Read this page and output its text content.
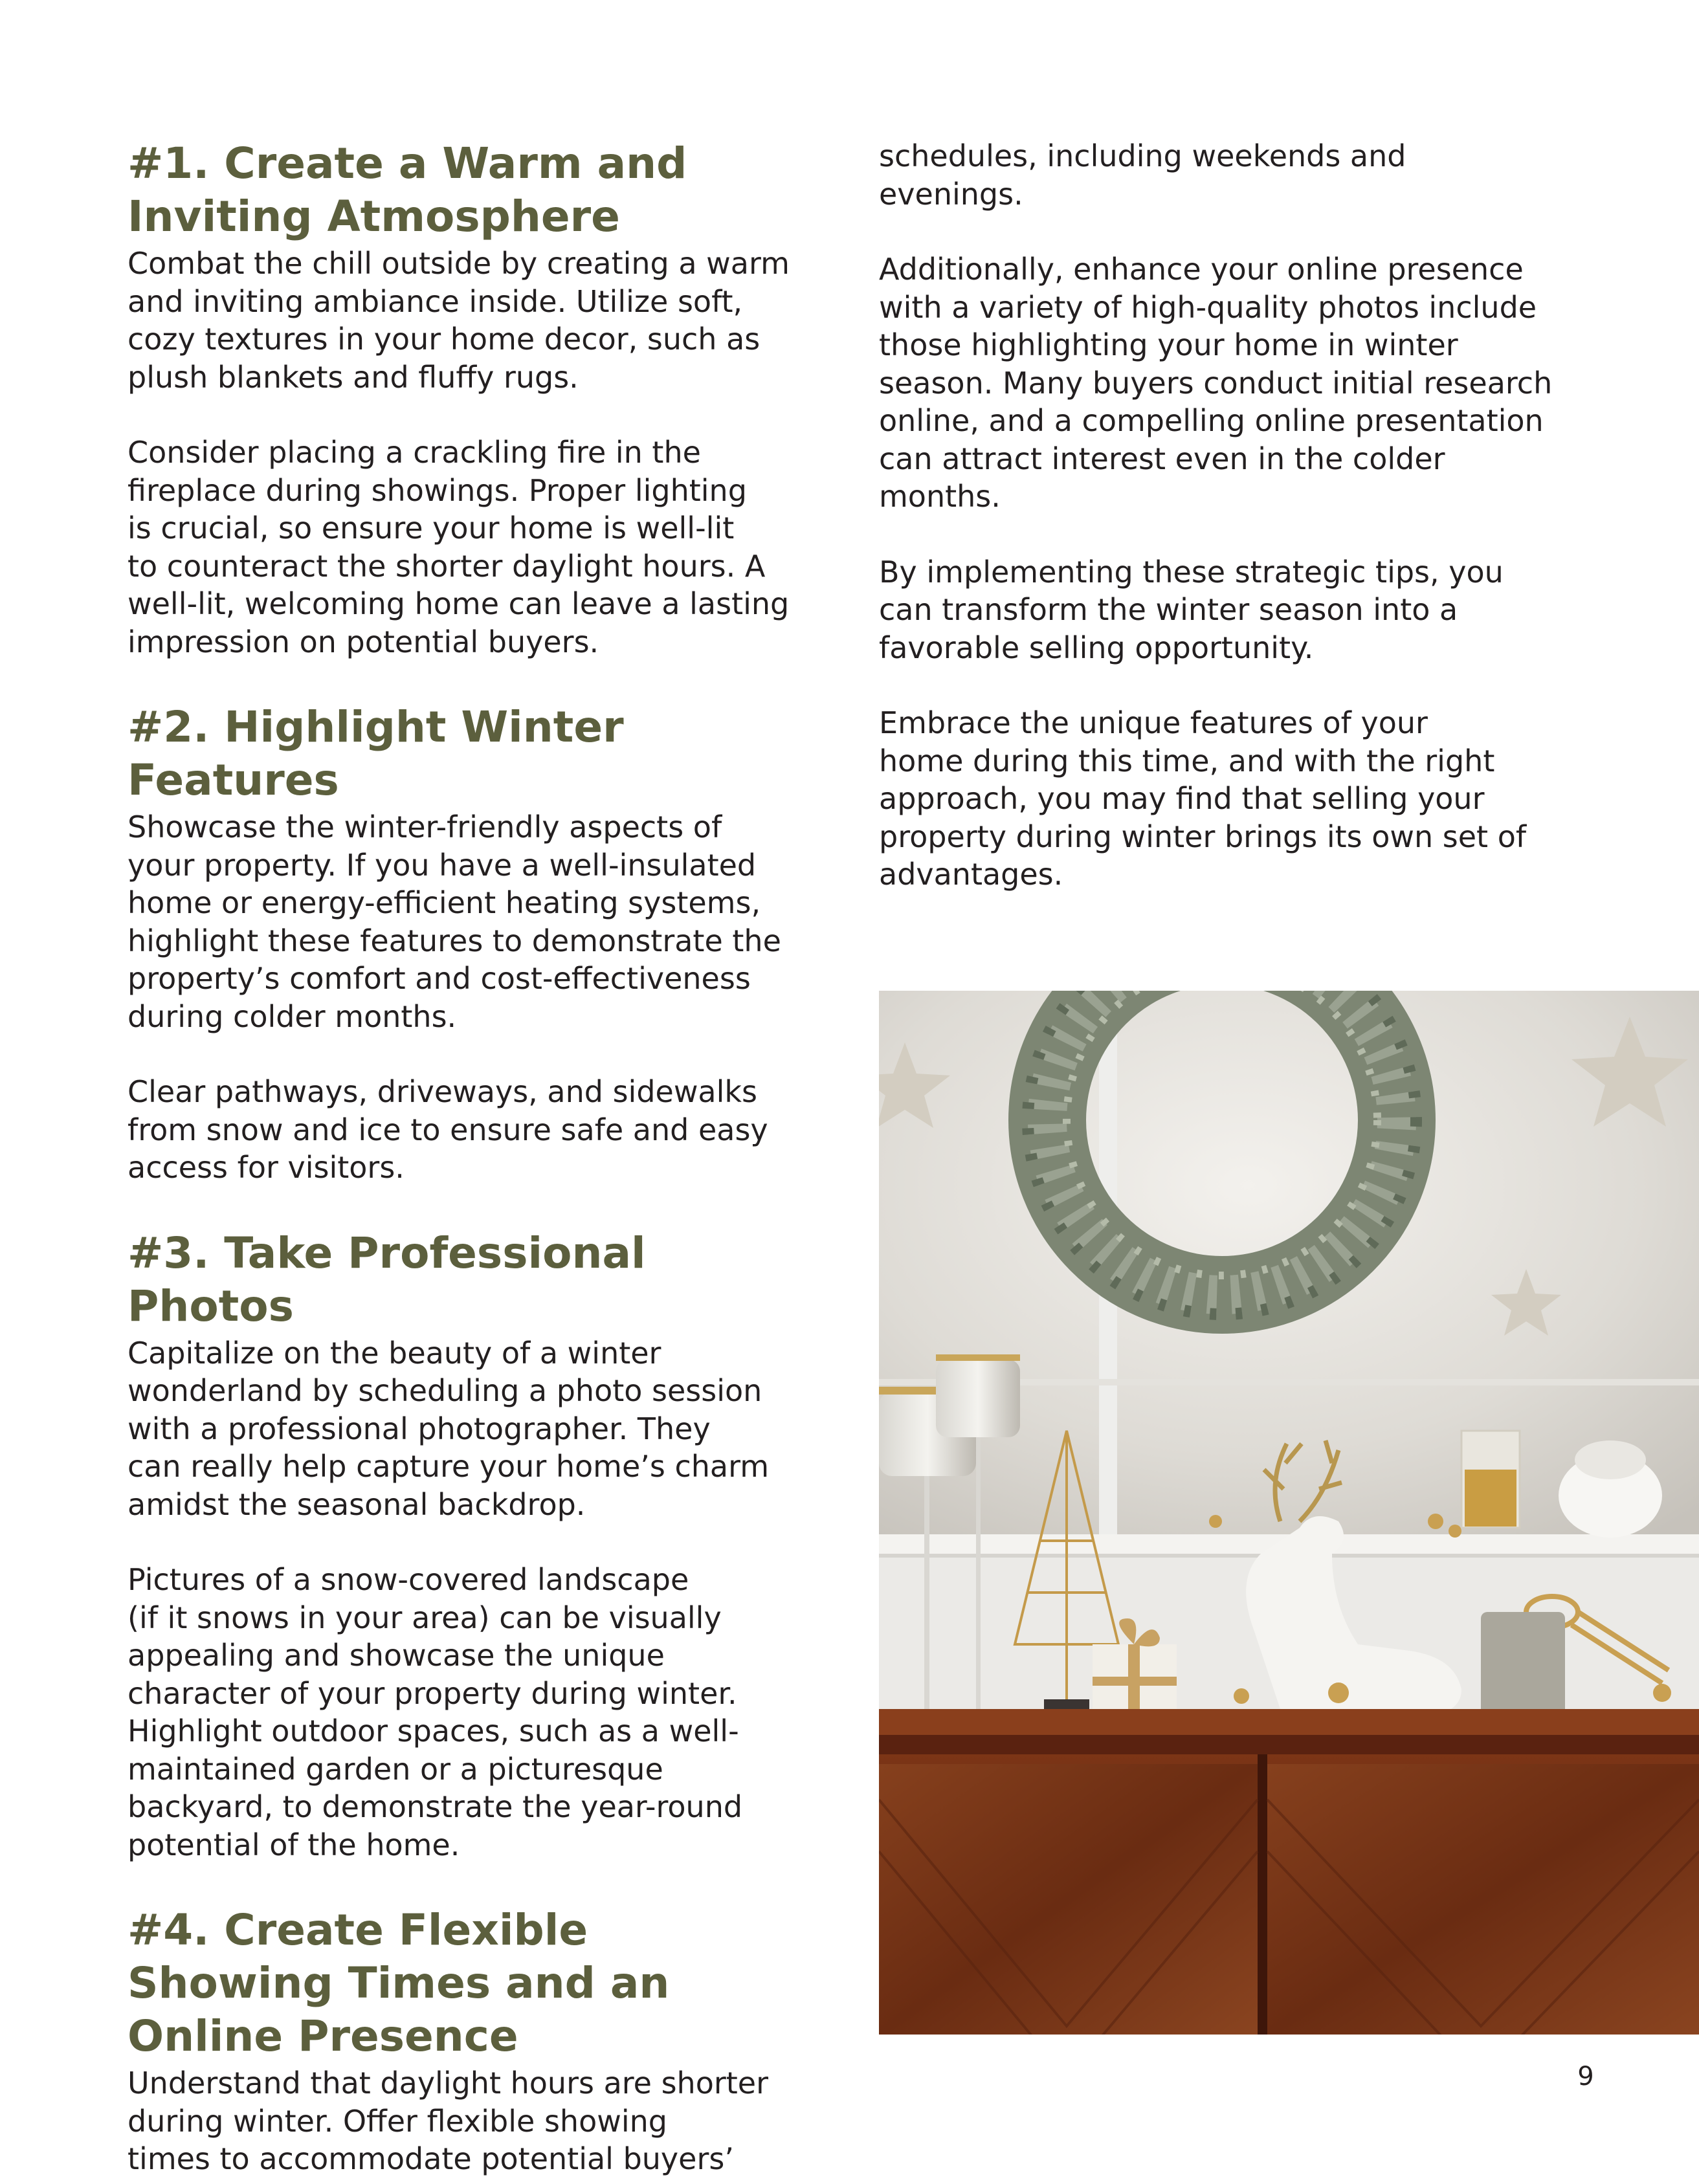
#1. Create a Warm and Inviting Atmosphere

Combat the chill outside by creating a warm
and inviting ambiance inside. Utilize soft,
cozy textures in your home decor, such as
plush blankets and fluffy rugs.

Consider placing a crackling fire in the
fireplace during showings. Proper lighting
is crucial, so ensure your home is well-lit
to counteract the shorter daylight hours. A
well-lit, welcoming home can leave a lasting
impression on potential buyers.

#2. Highlight Winter Features

Showcase the winter-friendly aspects of
your property. If you have a well-insulated
home or energy-efficient heating systems,
highlight these features to demonstrate the
property’s comfort and cost-effectiveness
during colder months.

Clear pathways, driveways, and sidewalks
from snow and ice to ensure safe and easy
access for visitors.

#3. Take Professional Photos

Capitalize on the beauty of a winter
wonderland by scheduling a photo session
with a professional photographer. They
can really help capture your home’s charm
amidst the seasonal backdrop.

Pictures of a snow-covered landscape
(if it snows in your area) can be visually
appealing and showcase the unique
character of your property during winter.
Highlight outdoor spaces, such as a well-
maintained garden or a picturesque
backyard, to demonstrate the year-round
potential of the home.

#4. Create Flexible Showing Times and an Online Presence

Understand that daylight hours are shorter
during winter. Offer flexible showing
times to accommodate potential buyers’

schedules, including weekends and
evenings.

Additionally, enhance your online presence
with a variety of high-quality photos include
those highlighting your home in winter
season. Many buyers conduct initial research
online, and a compelling online presentation
can attract interest even in the colder
months.

By implementing these strategic tips, you
can transform the winter season into a
favorable selling opportunity.

Embrace the unique features of your
home during this time, and with the right
approach, you may find that selling your
property during winter brings its own set of
advantages.

9
